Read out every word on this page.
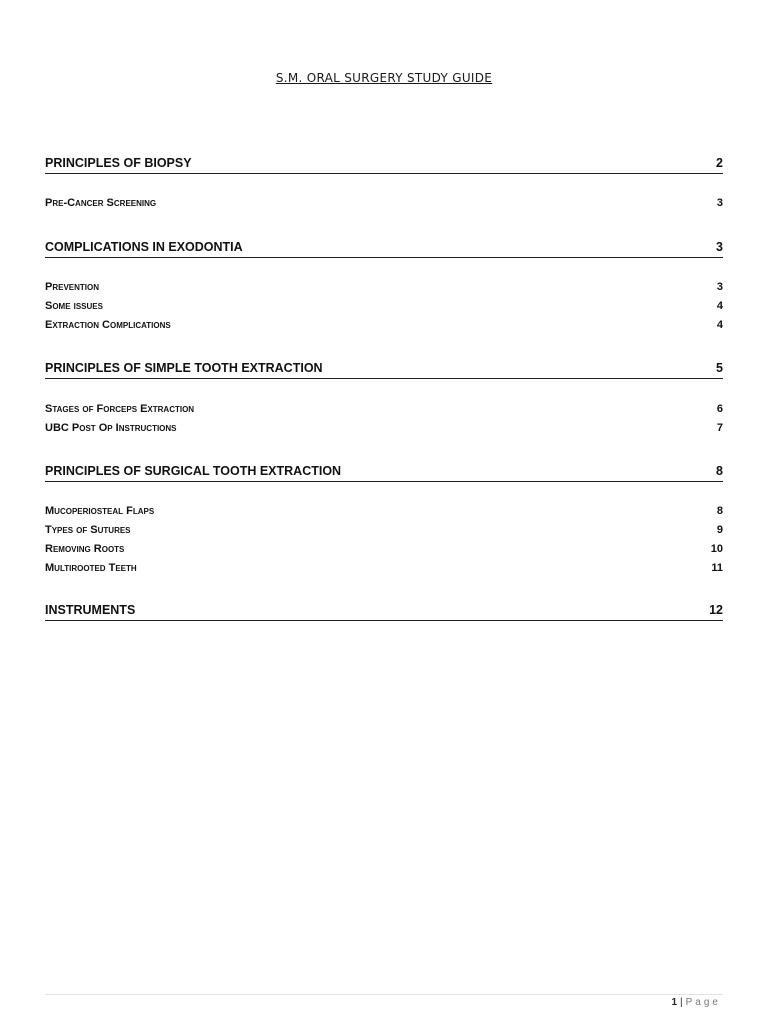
S.M. ORAL SURGERY STUDY GUIDE
PRINCIPLES OF BIOPSY	2
Pre-Cancer Screening	3
COMPLICATIONS IN EXODONTIA	3
Prevention	3
Some issues	4
Extraction Complications	4
PRINCIPLES OF SIMPLE TOOTH EXTRACTION	5
Stages of Forceps Extraction	6
UBC Post Op Instructions	7
PRINCIPLES OF SURGICAL TOOTH EXTRACTION	8
Mucoperiosteal Flaps	8
Types of Sutures	9
Removing Roots	10
Multirooted Teeth	11
INSTRUMENTS	12
1 | Page
